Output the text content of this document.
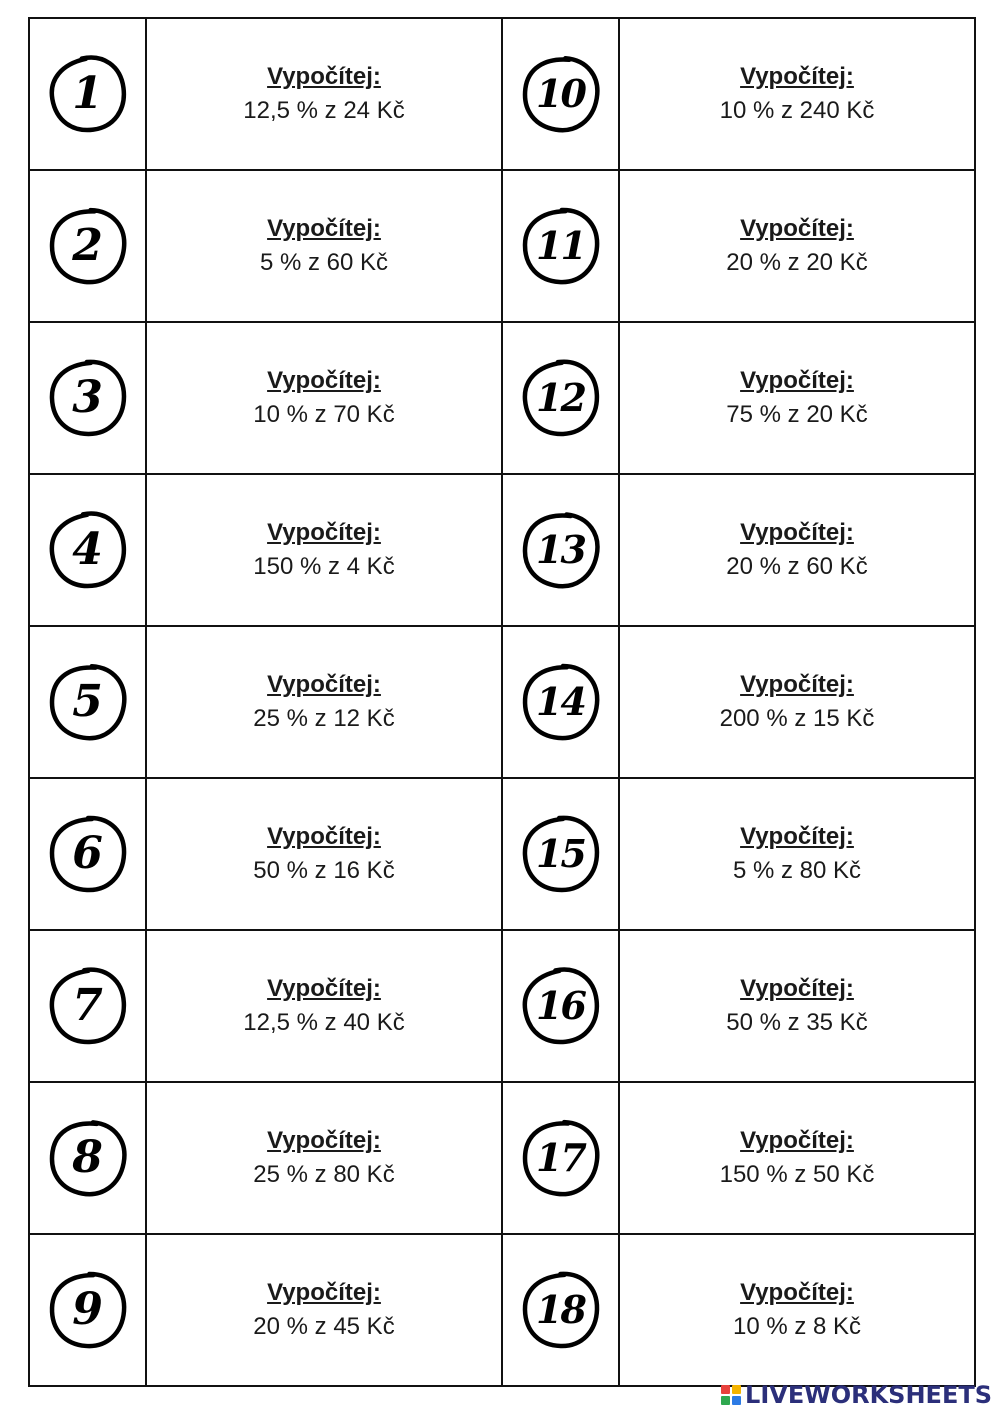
1	Vypočítej:
12,5 % z 24 Kč	10	Vypočítej:
10 % z 240 Kč

2	Vypočítej:
5 % z 60 Kč	11	Vypočítej:
20 % z 20 Kč

3	Vypočítej:
10 % z 70 Kč	12	Vypočítej:
75 % z 20 Kč

4	Vypočítej:
150 % z 4 Kč	13	Vypočítej:
20 % z 60 Kč

5	Vypočítej:
25 % z 12 Kč	14	Vypočítej:
200 % z 15 Kč

6	Vypočítej:
50 % z 16 Kč	15	Vypočítej:
5 % z 80 Kč

7	Vypočítej:
12,5 % z 40 Kč	16	Vypočítej:
50 % z 35 Kč

8	Vypočítej:
25 % z 80 Kč	17	Vypočítej:
150 % z 50 Kč

9	Vypočítej:
20 % z 45 Kč	18	Vypočítej:
10 % z 8 Kč
LIVEWORKSHEETS
